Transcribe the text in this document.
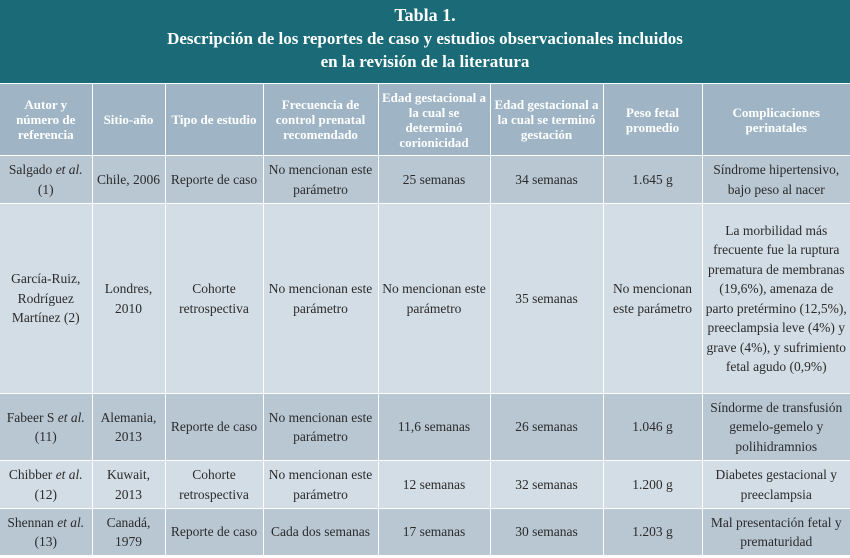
Tabla 1.
Descripción de los reportes de caso y estudios observacionales incluidos
en la revisión de la literatura
Autor y número de referencia	Sitio-año	Tipo de estudio	Frecuencia de control prenatal recomendado	Edad gestacional a la cual se determinó corionicidad	Edad gestacional a la cual se terminó gestación	Peso fetal promedio	Complicaciones perinatales
Salgado et al.
(1)	Chile, 2006	Reporte de caso	No mencionan este parámetro	25 semanas	34 semanas	1.645 g	Síndrome hipertensivo, bajo peso al nacer
García-Ruiz, Rodríguez Martínez (2)	Londres, 2010	Cohorte retrospectiva	No mencionan este parámetro	No mencionan este parámetro	35 semanas	No mencionan este parámetro	La morbilidad más frecuente fue la ruptura prematura de membranas (19,6%), amenaza de parto pretérmino (12,5%), preeclampsia leve (4%) y grave (4%), y sufrimiento fetal agudo (0,9%)
Fabeer S et al.
(11)	Alemania, 2013	Reporte de caso	No mencionan este parámetro	11,6 semanas	26 semanas	1.046 g	Síndorme de transfusión gemelo-gemelo y polihidramnios
Chibber et al.
(12)	Kuwait, 2013	Cohorte retrospectiva	No mencionan este parámetro	12 semanas	32 semanas	1.200 g	Diabetes gestacional y preeclampsia
Shennan et al.
(13)	Canadá, 1979	Reporte de caso	Cada dos semanas	17 semanas	30 semanas	1.203 g	Mal presentación fetal y prematuridad
